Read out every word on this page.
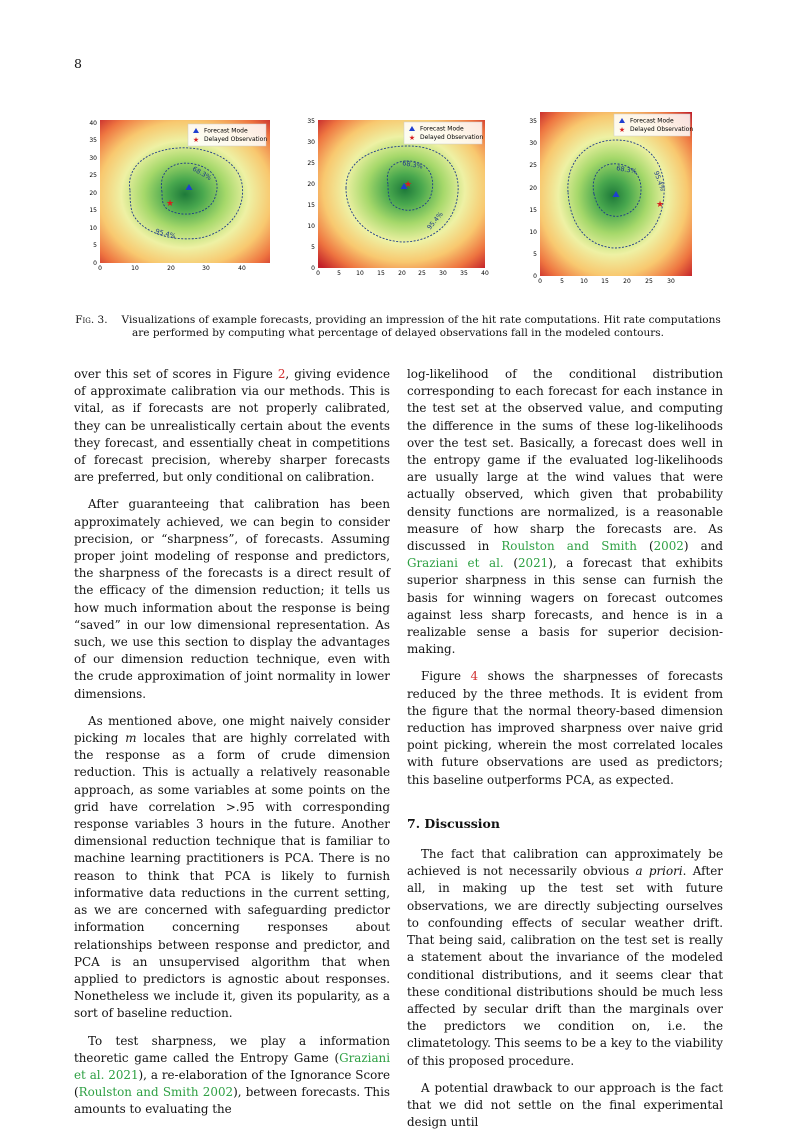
8
68.3%
95.4%
★
Forecast Mode
★ Delayed Observation
0
5
10
15
20
25
30
35
40
0	10	20	30	40
68.3%
95.4%
★
Forecast Mode
★ Delayed Observation
0
5
10
15
20
25
30
35
0	5	10 15 20 25 30 35 40
68.3%
95.4%
★
Forecast Mode
★ Delayed Observation
0
5
10
15
20
25
30
35
0	5	10 15 20 25 30
Fig. 3. Visualizations of example forecasts, providing an impression of the hit rate computations. Hit rate computations are performed by computing what percentage of delayed observations fall in the modeled contours.

over this set of scores in Figure 2, giving evidence of approximate calibration via our methods. This is vital, as if forecasts are not properly calibrated, they can be unrealistically certain about the events they forecast, and essentially cheat in competitions of forecast precision, whereby sharper forecasts are preferred, but only conditional on calibration.

After guaranteeing that calibration has been approximately achieved, we can begin to consider precision, or “sharpness”, of forecasts. Assuming proper joint modeling of response and predictors, the sharpness of the forecasts is a direct result of the efficacy of the dimension reduction; it tells us how much information about the response is being “saved” in our low dimensional representation. As such, we use this section to display the advantages of our dimension reduction technique, even with the crude approximation of joint normality in lower dimensions.

As mentioned above, one might naively consider picking m locales that are highly correlated with the response as a form of crude dimension reduction. This is actually a relatively reasonable approach, as some variables at some points on the grid have correlation >.95 with corresponding response variables 3 hours in the future. Another dimensional reduction technique that is familiar to machine learning practitioners is PCA. There is no reason to think that PCA is likely to furnish informative data reductions in the current setting, as we are concerned with safeguarding predictor information concerning responses about relationships between response and predictor, and PCA is an unsupervised algorithm that when applied to predictors is agnostic about responses. Nonetheless we include it, given its popularity, as a sort of baseline reduction.

To test sharpness, we play a information theoretic game called the Entropy Game (Graziani et al. 2021), a re-elaboration of the Ignorance Score (Roulston and Smith 2002), between forecasts. This amounts to evaluating the

log-likelihood of the conditional distribution corresponding to each forecast for each instance in the test set at the observed value, and computing the difference in the sums of these log-likelihoods over the test set. Basically, a forecast does well in the entropy game if the evaluated log-likelihoods are usually large at the wind values that were actually observed, which given that probability density functions are normalized, is a reasonable measure of how sharp the forecasts are. As discussed in Roulston and Smith (2002) and Graziani et al. (2021), a forecast that exhibits superior sharpness in this sense can furnish the basis for winning wagers on forecast outcomes against less sharp forecasts, and hence is in a realizable sense a basis for superior decision-making.

Figure 4 shows the sharpnesses of forecasts reduced by the three methods. It is evident from the figure that the normal theory-based dimension reduction has improved sharpness over naive grid point picking, wherein the most correlated locales with future observations are used as predictors; this baseline outperforms PCA, as expected.

7. Discussion

The fact that calibration can approximately be achieved is not necessarily obvious a priori. After all, in making up the test set with future observations, we are directly subjecting ourselves to confounding effects of secular weather drift. That being said, calibration on the test set is really a statement about the invariance of the modeled conditional distributions, and it seems clear that these conditional distributions should be much less affected by secular drift than the marginals over the predictors we condition on, i.e. the climatetology. This seems to be a key to the viability of this proposed procedure.

A potential drawback to our approach is the fact that we did not settle on the final experimental design until
